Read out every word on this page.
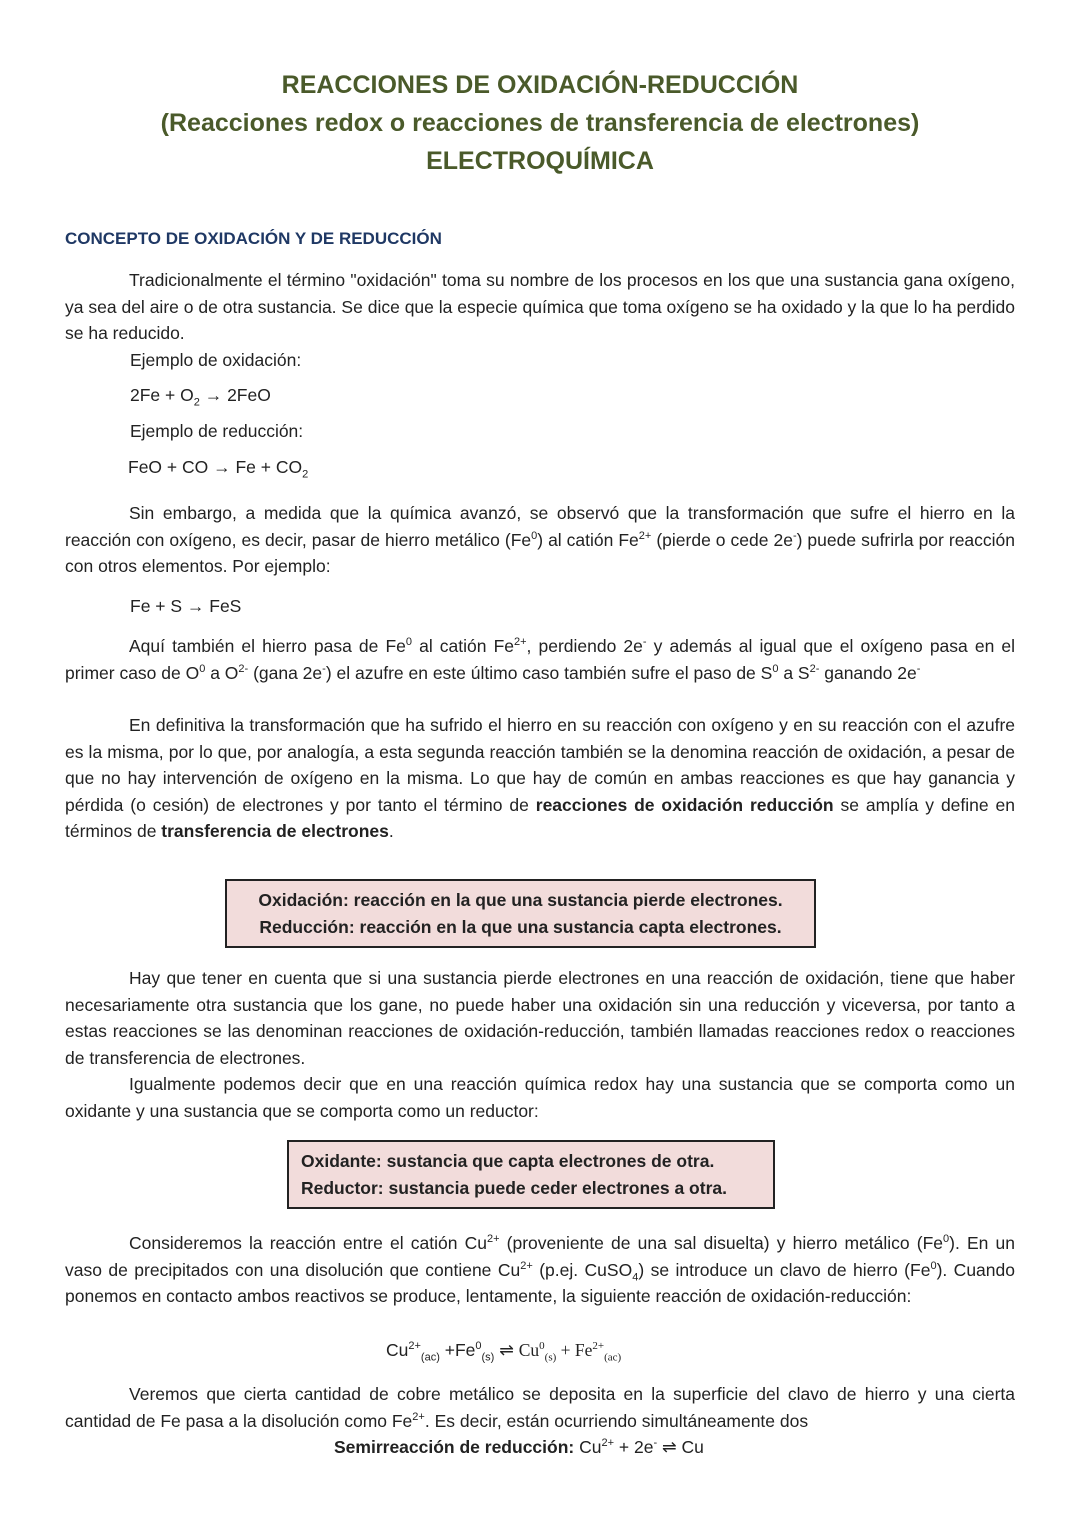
REACCIONES DE OXIDACIÓN-REDUCCIÓN
(Reacciones redox o reacciones de transferencia de electrones)
ELECTROQUÍMICA
CONCEPTO DE OXIDACIÓN Y DE REDUCCIÓN
Tradicionalmente el término "oxidación" toma su nombre de los procesos en los que una sustancia gana oxígeno, ya sea del aire o de otra sustancia. Se dice que la especie química que toma oxígeno se ha oxidado y la que lo ha perdido se ha reducido.
Ejemplo de oxidación:
$2Fe + O_2 \to 2FeO$
Ejemplo de reducción:
FeO + CO → $Fe + CO_2$
Sin embargo, a medida que la química avanzó, se observó que la transformación que sufre el hierro en la reacción con oxígeno, es decir, pasar de hierro metálico (Fe$^0$) al catión $Fe^{2+}$ (pierde o cede 2e-) puede sufrirla por reacción con otros elementos. Por ejemplo:
Fe + S → FeS
Aquí también el hierro pasa de Fe$^0$ al catión $Fe^{2+}$, perdiendo 2e- y además al igual que el oxígeno pasa en el primer caso de $O^0$ a $O^{2-}$ (gana 2e-) el azufre en este último caso también sufre el paso de $S^0$ a $S^{2-}$ ganando 2e-
En definitiva la transformación que ha sufrido el hierro en su reacción con oxígeno y en su reacción con el azufre es la misma, por lo que, por analogía, a esta segunda reacción también se la denomina reacción de oxidación, a pesar de que no hay intervención de oxígeno en la misma. Lo que hay de común en ambas reacciones es que hay ganancia y pérdida (o cesión) de electrones y por tanto el término de reacciones de oxidación reducción se amplía y define en términos de transferencia de electrones.
Oxidación: reacción en la que una sustancia pierde electrones.
Reducción: reacción en la que una sustancia capta electrones.
Hay que tener en cuenta que si una sustancia pierde electrones en una reacción de oxidación, tiene que haber necesariamente otra sustancia que los gane, no puede haber una oxidación sin una reducción y viceversa, por tanto a estas reacciones se las denominan reacciones de oxidación-reducción, también llamadas reacciones redox o reacciones de transferencia de electrones.
Igualmente podemos decir que en una reacción química redox hay una sustancia que se comporta como un oxidante y una sustancia que se comporta como un reductor:
Oxidante: sustancia que capta electrones de otra.
Reductor: sustancia puede ceder electrones a otra.
Consideremos la reacción entre el catión $Cu^{2+}$ (proveniente de una sal disuelta) y hierro metálico (Fe$^0$). En un vaso de precipitados con una disolución que contiene $Cu^{2+}$ (p.ej. CuSO$_4$) se introduce un clavo de hierro (Fe$^0$). Cuando ponemos en contacto ambos reactivos se produce, lentamente, la siguiente reacción de oxidación-reducción:
$Cu^{2+}_{(ac)} +Fe^0_{(s)}$ ⇌ $Cu^0_{(s)} + Fe^{2+}_{(ac)}$
Veremos que cierta cantidad de cobre metálico se deposita en la superficie del clavo de hierro y una cierta cantidad de Fe pasa a la disolución como $Fe^{2+}$. Es decir, están ocurriendo simultáneamente dos
Semirreacción de reducción: $Cu^{2+} + 2e^-$ ⇌ Cu
